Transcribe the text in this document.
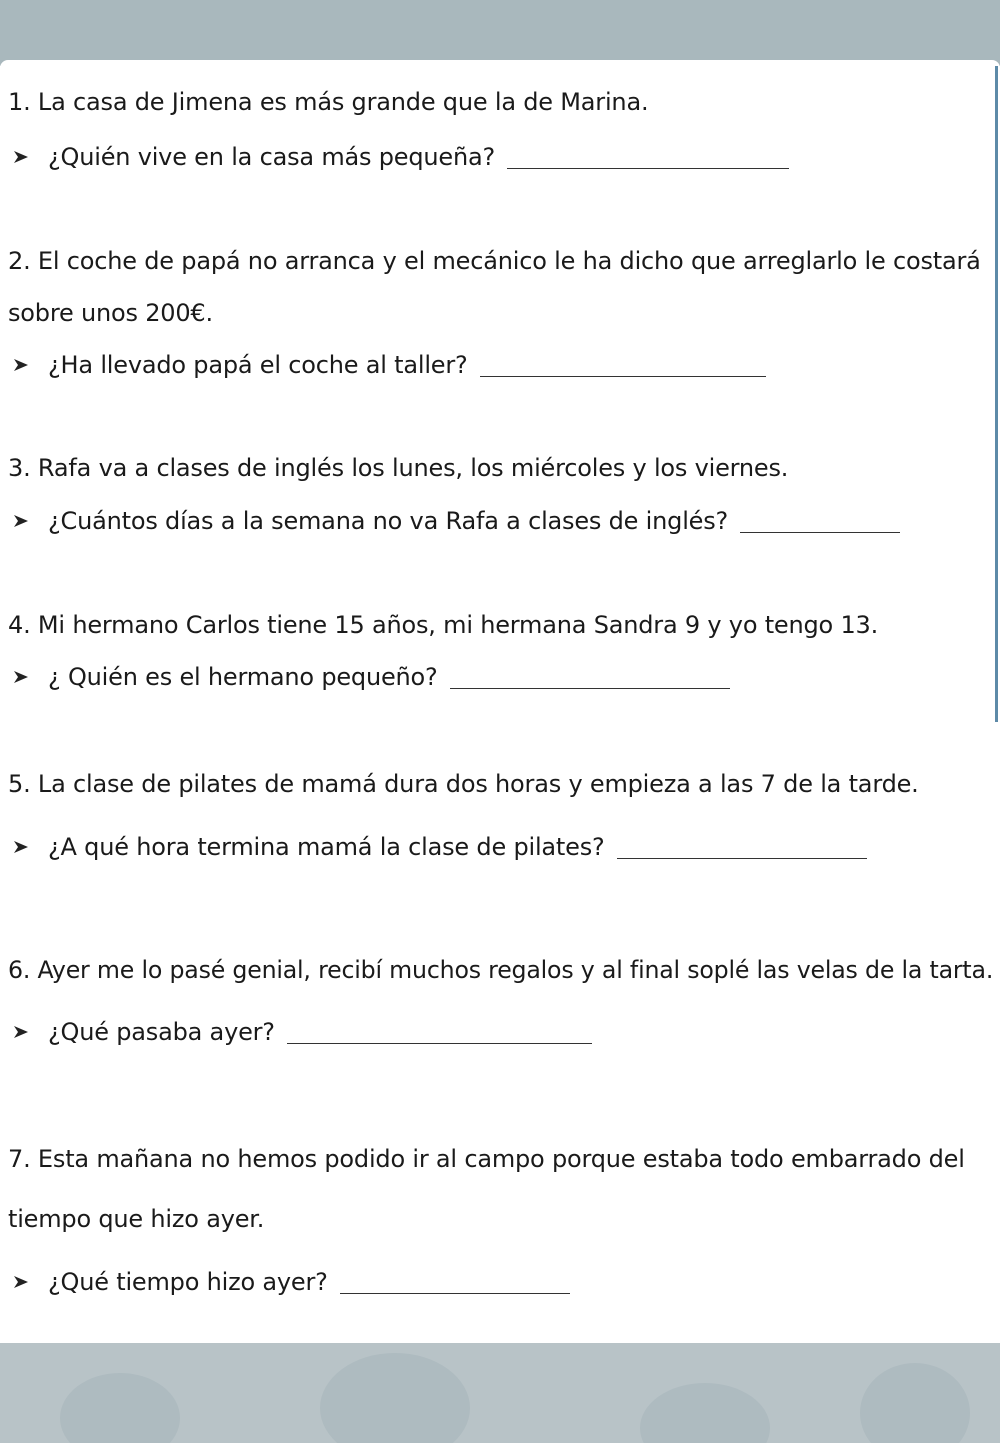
1. La casa de Jimena es más grande que la de Marina.

¿Quién vive en la casa más pequeña?

2. El coche de papá no arranca y el mecánico le ha dicho que arreglarlo le costará

sobre unos 200€.

¿Ha llevado papá el coche al taller?

3. Rafa va a clases de inglés los lunes, los miércoles y los viernes.

¿Cuántos días a la semana no va Rafa a clases de inglés?

4. Mi hermano Carlos tiene 15 años, mi hermana Sandra 9 y yo tengo 13.

¿ Quién es el hermano pequeño?

5. La clase de pilates de mamá dura dos horas y empieza a las 7 de la tarde.

¿A qué hora termina mamá la clase de pilates?

6. Ayer me lo pasé genial, recibí muchos regalos y al final soplé las velas de la tarta.

¿Qué pasaba ayer?

7. Esta mañana no hemos podido ir al campo porque estaba todo embarrado del

tiempo que hizo ayer.

¿Qué tiempo hizo ayer?
